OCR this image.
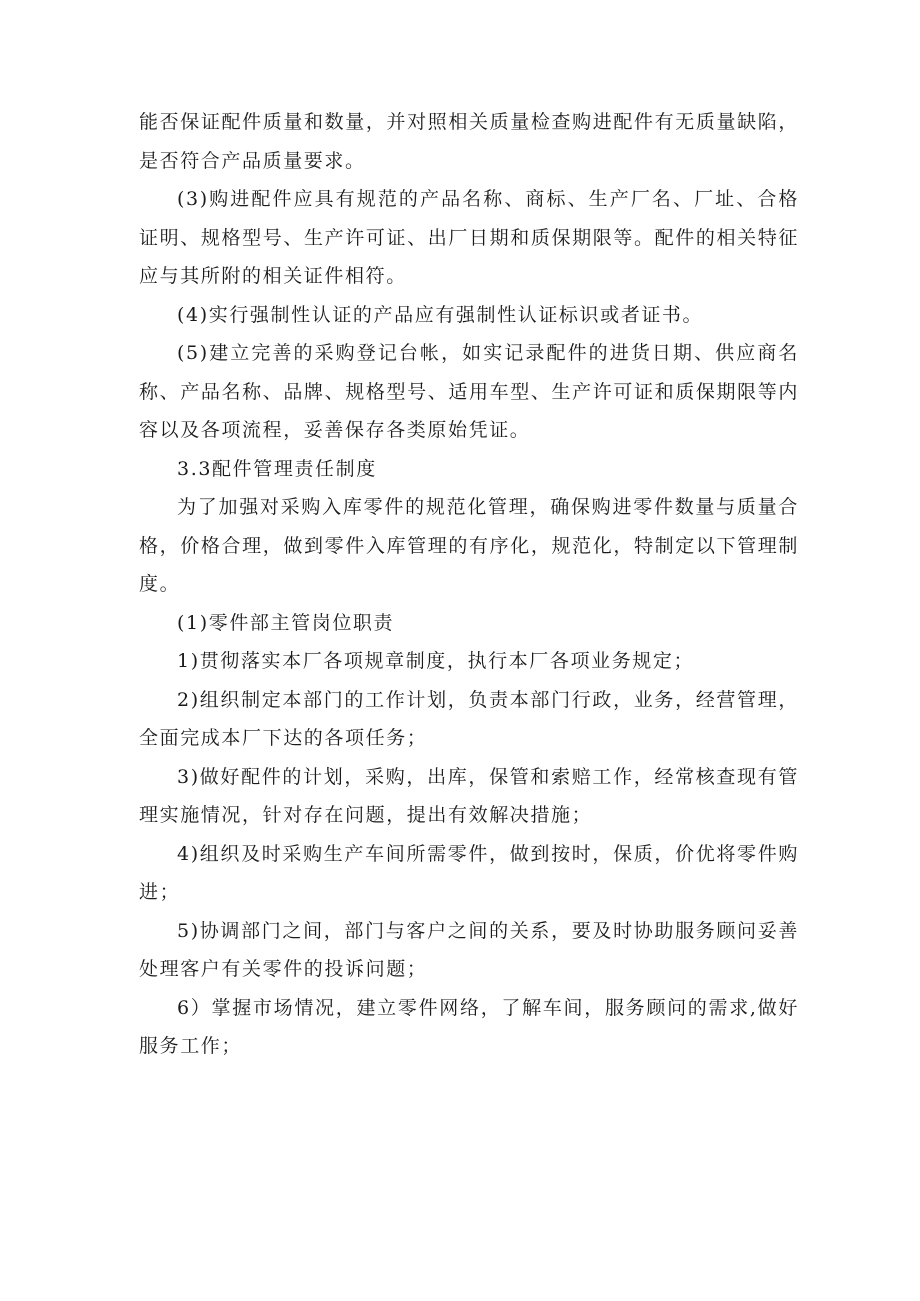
能否保证配件质量和数量，并对照相关质量检查购进配件有无质量缺陷，是否符合产品质量要求。

(3)购进配件应具有规范的产品名称、商标、生产厂名、厂址、合格证明、规格型号、生产许可证、出厂日期和质保期限等。配件的相关特征应与其所附的相关证件相符。

(4)实行强制性认证的产品应有强制性认证标识或者证书。

(5)建立完善的采购登记台帐，如实记录配件的进货日期、供应商名称、产品名称、品牌、规格型号、适用车型、生产许可证和质保期限等内容以及各项流程，妥善保存各类原始凭证。

3.3配件管理责任制度

为了加强对采购入库零件的规范化管理，确保购进零件数量与质量合格，价格合理，做到零件入库管理的有序化，规范化，特制定以下管理制度。

(1)零件部主管岗位职责

1)贯彻落实本厂各项规章制度，执行本厂各项业务规定；

2)组织制定本部门的工作计划，负责本部门行政，业务，经营管理，全面完成本厂下达的各项任务；

3)做好配件的计划，采购，出库，保管和索赔工作，经常核查现有管理实施情况，针对存在问题，提出有效解决措施；

4)组织及时采购生产车间所需零件，做到按时，保质，价优将零件购进；

5)协调部门之间，部门与客户之间的关系，要及时协助服务顾问妥善处理客户有关零件的投诉问题；

6）掌握市场情况，建立零件网络，了解车间，服务顾问的需求,做好服务工作；
